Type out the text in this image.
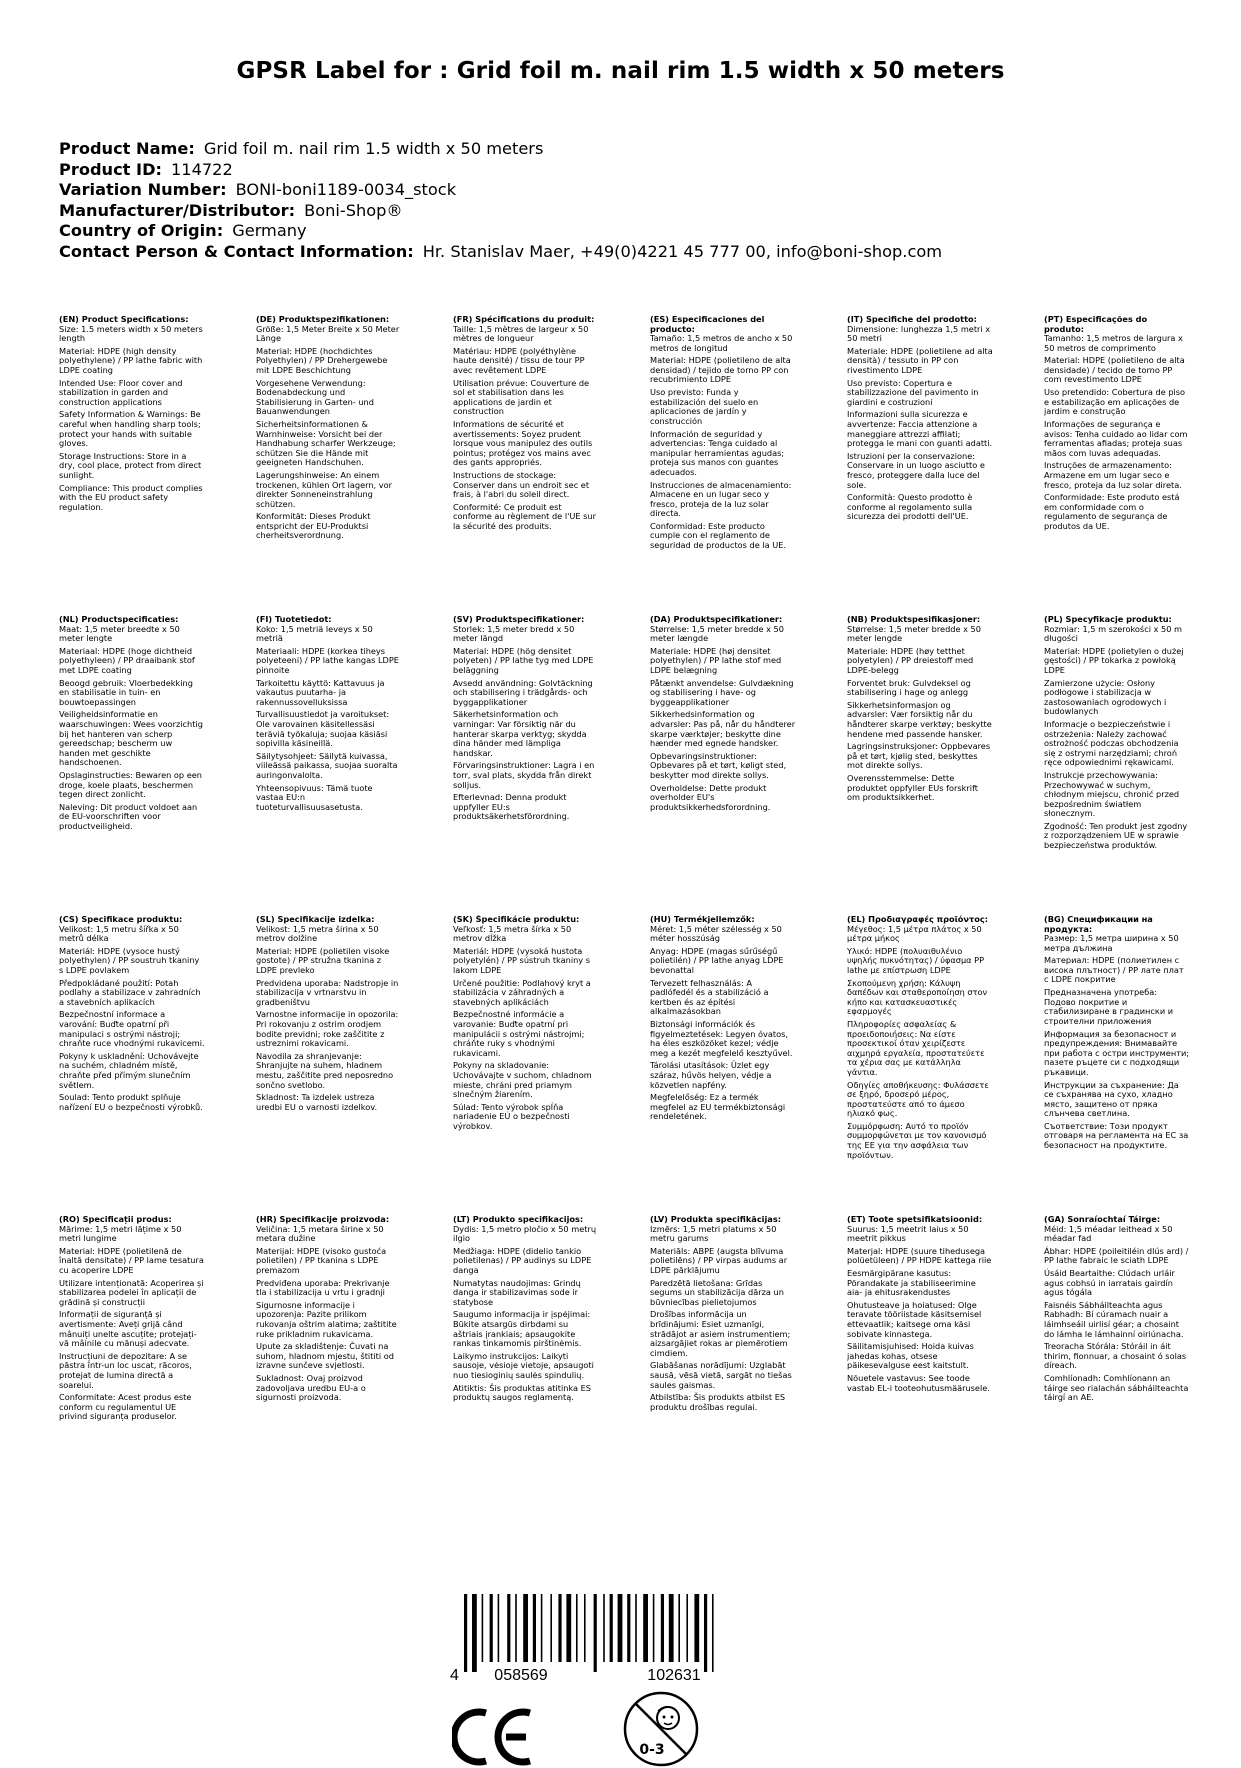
GPSR Label for : Grid foil m. nail rim 1.5 width x 50 meters
Product Name: Grid foil m. nail rim 1.5 width x 50 meters
Product ID: 114722
Variation Number: BONI-boni1189-0034_stock
Manufacturer/Distributor: Boni-Shop®
Country of Origin: Germany
Contact Person & Contact Information: Hr. Stanislav Maer, +49(0)4221 45 777 00, info@boni-shop.com
(EN) Product Specifications:

Size: 1.5 meters width x 50 meters length

Material: HDPE (high density polyethylene) / PP lathe fabric with LDPE coating

Intended Use: Floor cover and stabilization in garden and construction applications

Safety Information & Warnings: Be careful when handling sharp tools; protect your hands with suitable gloves.

Storage Instructions: Store in a dry, cool place, protect from direct sunlight.

Compliance: This product complies with the EU product safety regulation.

(DE) Produktspezifikationen:

Größe: 1,5 Meter Breite x 50 Meter Länge

Material: HDPE (hochdichtes Polyethylen) / PP Drehergewebe mit LDPE Beschichtung

Vorgesehene Verwendung: Bodenabdeckung und Stabilisierung in Garten- und Bauanwendungen

Sicherheitsinformationen & Warnhinweise: Vorsicht bei der Handhabung scharfer Werkzeuge; schützen Sie die Hände mit geeigneten Handschuhen.

Lagerungshinweise: An einem trockenen, kühlen Ort lagern, vor direkter Sonneneinstrahlung schützen.

Konformität: Dieses Produkt entspricht der EU-Produktsi cherheitsverordnung.

(FR) Spécifications du produit:

Taille: 1,5 mètres de largeur x 50 mètres de longueur

Matériau: HDPE (polyéthylène haute densité) / tissu de tour PP avec revêtement LDPE

Utilisation prévue: Couverture de sol et stabilisation dans les applications de jardin et construction

Informations de sécurité et avertissements: Soyez prudent lorsque vous manipulez des outils pointus; protégez vos mains avec des gants appropriés.

Instructions de stockage: Conserver dans un endroit sec et frais, à l'abri du soleil direct.

Conformité: Ce produit est conforme au règlement de l'UE sur la sécurité des produits.

(ES) Especificaciones del producto:

Tamaño: 1,5 metros de ancho x 50 metros de longitud

Material: HDPE (polietileno de alta densidad) / tejido de torno PP con recubrimiento LDPE

Uso previsto: Funda y estabilización del suelo en aplicaciones de jardín y construcción

Información de seguridad y advertencias: Tenga cuidado al manipular herramientas agudas; proteja sus manos con guantes adecuados.

Instrucciones de almacenamiento: Almacene en un lugar seco y fresco, proteja de la luz solar directa.

Conformidad: Este producto cumple con el reglamento de seguridad de productos de la UE.

(IT) Specifiche del prodotto:

Dimensione: lunghezza 1,5 metri x 50 metri

Materiale: HDPE (polietilene ad alta densità) / tessuto in PP con rivestimento LDPE

Uso previsto: Copertura e stabilizzazione del pavimento in giardini e costruzioni

Informazioni sulla sicurezza e avvertenze: Faccia attenzione a maneggiare attrezzi affilati; protegga le mani con guanti adatti.

Istruzioni per la conservazione: Conservare in un luogo asciutto e fresco, proteggere dalla luce del sole.

Conformità: Questo prodotto è conforme al regolamento sulla sicurezza dei prodotti dell'UE.

(PT) Especificações do produto:

Tamanho: 1,5 metros de largura x 50 metros de comprimento

Material: HDPE (polietileno de alta densidade) / tecido de torno PP com revestimento LDPE

Uso pretendido: Cobertura de piso e estabilização em aplicações de jardim e construção

Informações de segurança e avisos: Tenha cuidado ao lidar com ferramentas afiadas; proteja suas mãos com luvas adequadas.

Instruções de armazenamento: Armazene em um lugar seco e fresco, proteja da luz solar direta.

Conformidade: Este produto está em conformidade com o regulamento de segurança de produtos da UE.

(NL) Productspecificaties:

Maat: 1,5 meter breedte x 50 meter lengte

Materiaal: HDPE (hoge dichtheid polyethyleen) / PP draaibank stof met LDPE coating

Beoogd gebruik: Vloerbedekking en stabilisatie in tuin- en bouwtoepassingen

Veiligheidsinformatie en waarschuwingen: Wees voorzichtig bij het hanteren van scherp gereedschap; bescherm uw handen met geschikte handschoenen.

Opslaginstructies: Bewaren op een droge, koele plaats, beschermen tegen direct zonlicht.

Naleving: Dit product voldoet aan de EU-voorschriften voor productveiligheid.

(FI) Tuotetiedot:

Koko: 1,5 metriä leveys x 50 metriä

Materiaali: HDPE (korkea tiheys polyeteeni) / PP lathe kangas LDPE pinnoite

Tarkoitettu käyttö: Kattavuus ja vakautus puutarha- ja rakennussovelluksissa

Turvallisuustiedot ja varoitukset: Ole varovainen käsitellessäsi teräviä työkaluja; suojaa käsiäsi sopivilla käsineillä.

Säilytysohjeet: Säilytä kuivassa, viileässä paikassa, suojaa suoralta auringonvalolta.

Yhteensopivuus: Tämä tuote vastaa EU:n tuoteturvallisuusasetusta.

(SV) Produktspecifikationer:

Storlek: 1,5 meter bredd x 50 meter längd

Material: HDPE (hög densitet polyeten) / PP lathe tyg med LDPE beläggning

Avsedd användning: Golvtäckning och stabilisering i trädgårds- och byggapplikationer

Säkerhetsinformation och varningar: Var försiktig när du hanterar skarpa verktyg; skydda dina händer med lämpliga handskar.

Förvaringsinstruktioner: Lagra i en torr, sval plats, skydda från direkt solljus.

Efterlevnad: Denna produkt uppfyller EU:s produktsäkerhetsförordning.

(DA) Produktspecifikationer:

Størrelse: 1,5 meter bredde x 50 meter længde

Materiale: HDPE (høj densitet polyethylen) / PP lathe stof med LDPE belægning

Påtænkt anvendelse: Gulvdækning og stabilisering i have- og byggeapplikationer

Sikkerhedsinformation og advarsler: Pas på, når du håndterer skarpe værktøjer; beskytte dine hænder med egnede handsker.

Opbevaringsinstruktioner: Opbevares på et tørt, køligt sted, beskytter mod direkte sollys.

Overholdelse: Dette produkt overholder EU's produktsikkerhedsforordning.

(NB) Produktspesifikasjoner:

Størrelse: 1,5 meter bredde x 50 meter lengde

Materiale: HDPE (høy tetthet polyetylen) / PP dreiestoff med LDPE-belegg

Forventet bruk: Gulvdeksel og stabilisering i hage og anlegg

Sikkerhetsinformasjon og advarsler: Vær forsiktig når du håndterer skarpe verktøy; beskytte hendene med passende hansker.

Lagringsinstruksjoner: Oppbevares på et tørt, kjølig sted, beskyttes mot direkte sollys.

Overensstemmelse: Dette produktet oppfyller EUs forskrift om produktsikkerhet.

(PL) Specyfikacje produktu:

Rozmiar: 1,5 m szerokości x 50 m długości

Materiał: HDPE (polietylen o dużej gęstości) / PP tokarka z powłoką LDPE

Zamierzone użycie: Osłony podłogowe i stabilizacja w zastosowaniach ogrodowych i budowlanych

Informacje o bezpieczeństwie i ostrzeżenia: Należy zachować ostrożność podczas obchodzenia się z ostrymi narzędziami; chroń ręce odpowiednimi rękawicami.

Instrukcje przechowywania: Przechowywać w suchym, chłodnym miejscu, chronić przed bezpośrednim światłem słonecznym.

Zgodność: Ten produkt jest zgodny z rozporządzeniem UE w sprawie bezpieczeństwa produktów.

(CS) Specifikace produktu:

Velikost: 1,5 metru šířka x 50 metrů délka

Materiál: HDPE (vysoce hustý polyethylen) / PP soustruh tkaniny s LDPE povlakem

Předpokládané použití: Potah podlahy a stabilizace v zahradních a stavebních aplikacích

Bezpečnostní informace a varování: Buďte opatrní při manipulaci s ostrými nástroji; chraňte ruce vhodnými rukavicemi.

Pokyny k uskladnění: Uchovávejte na suchém, chladném místě, chraňte před přímým slunečním světlem.

Soulad: Tento produkt splňuje nařízení EU o bezpečnosti výrobků.

(SL) Specifikacije izdelka:

Velikost: 1,5 metra širina x 50 metrov dolžine

Material: HDPE (polietilen visoke gostote) / PP stružna tkanina z LDPE prevleko

Predvidena uporaba: Nadstropje in stabilizacija v vrtnarstvu in gradbeništvu

Varnostne informacije in opozorila: Pri rokovanju z ostrim orodjem bodite previdni; roke zaščitite z ustreznimi rokavicami.

Navodila za shranjevanje: Shranjujte na suhem, hladnem mestu, zaščitite pred neposredno sončno svetlobo.

Skladnost: Ta izdelek ustreza uredbi EU o varnosti izdelkov.

(SK) Špecifikácie produktu:

Veľkosť: 1,5 metra šírka x 50 metrov dĺžka

Materiál: HDPE (vysoká hustota polyetylén) / PP sústruh tkaniny s lakom LDPE

Určené použitie: Podlahový kryt a stabilizácia v záhradných a stavebných aplikáciách

Bezpečnostné informácie a varovanie: Buďte opatrní pri manipulácii s ostrými nástrojmi; chráňte ruky s vhodnými rukavicami.

Pokyny na skladovanie: Uchovávajte v suchom, chladnom mieste, chráni pred priamym slnečným žiarením.

Súlad: Tento výrobok spĺňa nariadenie EÚ o bezpečnosti výrobkov.

(HU) Termékjellemzők:

Méret: 1,5 méter szélesség x 50 méter hosszúság

Anyag: HDPE (magas sűrűségű polietilén) / PP lathe anyag LDPE bevonattal

Tervezett felhasználás: A padlófedél és a stabilizáció a kertben és az építési alkalmazásokban

Biztonsági információk és figyelmeztetések: Legyen óvatos, ha éles eszközöket kezel; védje meg a kezét megfelelő kesztyűvel.

Tárolási utasítások: Üzlet egy száraz, hűvös helyen, védje a közvetlen napfény.

Megfelelőség: Ez a termék megfelel az EU termékbiztonsági rendeletének.

(EL) Προδιαγραφές προϊόντος:

Μέγεθος: 1,5 μέτρα πλάτος x 50 μέτρα μήκος

Υλικό: HDPE (πολυαιθυλένιο υψηλής πυκνότητας) / ύφασμα PP lathe με επίστρωση LDPE

Σκοπούμενη χρήση: Κάλυψη δαπέδων και σταθεροποίηση στον κήπο και κατασκευαστικές εφαρμογές

Πληροφορίες ασφαλείας & προειδοποιήσεις: Να είστε προσεκτικοί όταν χειρίζεστε αιχμηρά εργαλεία, προστατεύετε τα χέρια σας με κατάλληλα γάντια.

Οδηγίες αποθήκευσης: Φυλάσσετε σε ξηρό, δροσερό μέρος, προστατεύστε από το άμεσο ηλιακό φως.

Συμμόρφωση: Αυτό το προϊόν συμμορφώνεται με τον κανονισμό της ΕΕ για την ασφάλεια των προϊόντων.

(BG) Спецификации на продукта:

Размер: 1,5 метра ширина x 50 метра дължина

Материал: HDPE (полиетилен с висока плътност) / PP лате плат с LDPE покритие

Предназначена употреба: Подово покритие и стабилизиране в градински и строителни приложения

Информация за безопасност и предупреждения: Внимавайте при работа с остри инструменти; пазете ръцете си с подходящи ръкавици.

Инструкции за съхранение: Да се съхранява на сухо, хладно място, защитено от пряка слънчева светлина.

Съответствие: Този продукт отговаря на регламента на ЕС за безопасност на продуктите.

(RO) Specificații produs:

Mărime: 1,5 metri lățime x 50 metri lungime

Material: HDPE (polietilenă de înaltă densitate) / PP lame tesatura cu acoperire LDPE

Utilizare intenționată: Acoperirea și stabilizarea podelei în aplicații de grădină și construcții

Informații de siguranță și avertismente: Aveți grijă când mânuiți unelte ascuțite; protejați-vă mâinile cu mănuși adecvate.

Instrucțiuni de depozitare: A se păstra într-un loc uscat, răcoros, protejat de lumina directă a soarelui.

Conformitate: Acest produs este conform cu regulamentul UE privind siguranța produselor.

(HR) Specifikacije proizvoda:

Veličina: 1,5 metara širine x 50 metara dužine

Materijal: HDPE (visoko gustoća polietilen) / PP tkanina s LDPE premazom

Predviđena uporaba: Prekrivanje tla i stabilizacija u vrtu i gradnji

Sigurnosne informacije i upozorenja: Pazite prilikom rukovanja oštrim alatima; zaštitite ruke prikladnim rukavicama.

Upute za skladištenje: Čuvati na suhom, hladnom mjestu, štititi od izravne sunčeve svjetlosti.

Sukladnost: Ovaj proizvod zadovoljava uredbu EU-a o sigurnosti proizvoda.

(LT) Produkto specifikacijos:

Dydis: 1,5 metro pločio x 50 metrų ilgio

Medžiaga: HDPE (didelio tankio polietilenas) / PP audinys su LDPE danga

Numatytas naudojimas: Grindų danga ir stabilizavimas sode ir statybose

Saugumo informacija ir įspėjimai: Būkite atsargūs dirbdami su aštriais įrankiais; apsaugokite rankas tinkamomis pirštinėmis.

Laikymo instrukcijos: Laikyti sausoje, vėsioje vietoje, apsaugoti nuo tiesioginių saulės spindulių.

Atitiktis: Šis produktas atitinka ES produktų saugos reglamentą.

(LV) Produkta specifikācijas:

Izmērs: 1,5 metri platums x 50 metru garums

Materiāls: ABPE (augsta blīvuma polietilēns) / PP virpas audums ar LDPE pārklājumu

Paredzētā lietošana: Grīdas segums un stabilizācija dārza un būvniecības pielietojumos

Drošības informācija un brīdinājumi: Esiet uzmanīgi, strādājot ar asiem instrumentiem; aizsargājiet rokas ar piemērotiem cimdiem.

Glabāšanas norādījumi: Uzglabāt sausā, vēsā vietā, sargāt no tiešas saules gaismas.

Atbilstība: Šis produkts atbilst ES produktu drošības regulai.

(ET) Toote spetsifikatsioonid:

Suurus: 1,5 meetrit laius x 50 meetrit pikkus

Materjal: HDPE (suure tihedusega polüetüleen) / PP HDPE kattega riie

Eesmärgipärane kasutus: Põrandakate ja stabiliseerimine aia- ja ehitusrakendustes

Ohutusteave ja hoiatused: Olge teravate tööriistade käsitsemisel ettevaatlik; kaitsege oma käsi sobivate kinnastega.

Säilitamisjuhised: Hoida kuivas jahedas kohas, otsese päikesevalguse eest kaitstult.

Nõuetele vastavus: See toode vastab EL-i tooteohutusmäärusele.

(GA) Sonraíochtaí Táirge:

Méid: 1,5 méadar leithead x 50 méadar fad

Ábhar: HDPE (poileitiléin dlús ard) / PP lathe fabraic le sciath LDPE

Úsáid Beartaithe: Clúdach urláir agus cobhsú in iarratais gairdín agus tógála

Faisnéis Sábháilteachta agus Rabhadh: Bí cúramach nuair a láimhseáil uirlisí géar; a chosaint do lámha le lámhainní oiriúnacha.

Treoracha Stórála: Stóráil in áit thirim, fionnuar, a chosaint ó solas díreach.

Comhlíonadh: Comhlíonann an táirge seo rialachán sábháilteachta táirgí an AE.

4 058569	102631
0-3
